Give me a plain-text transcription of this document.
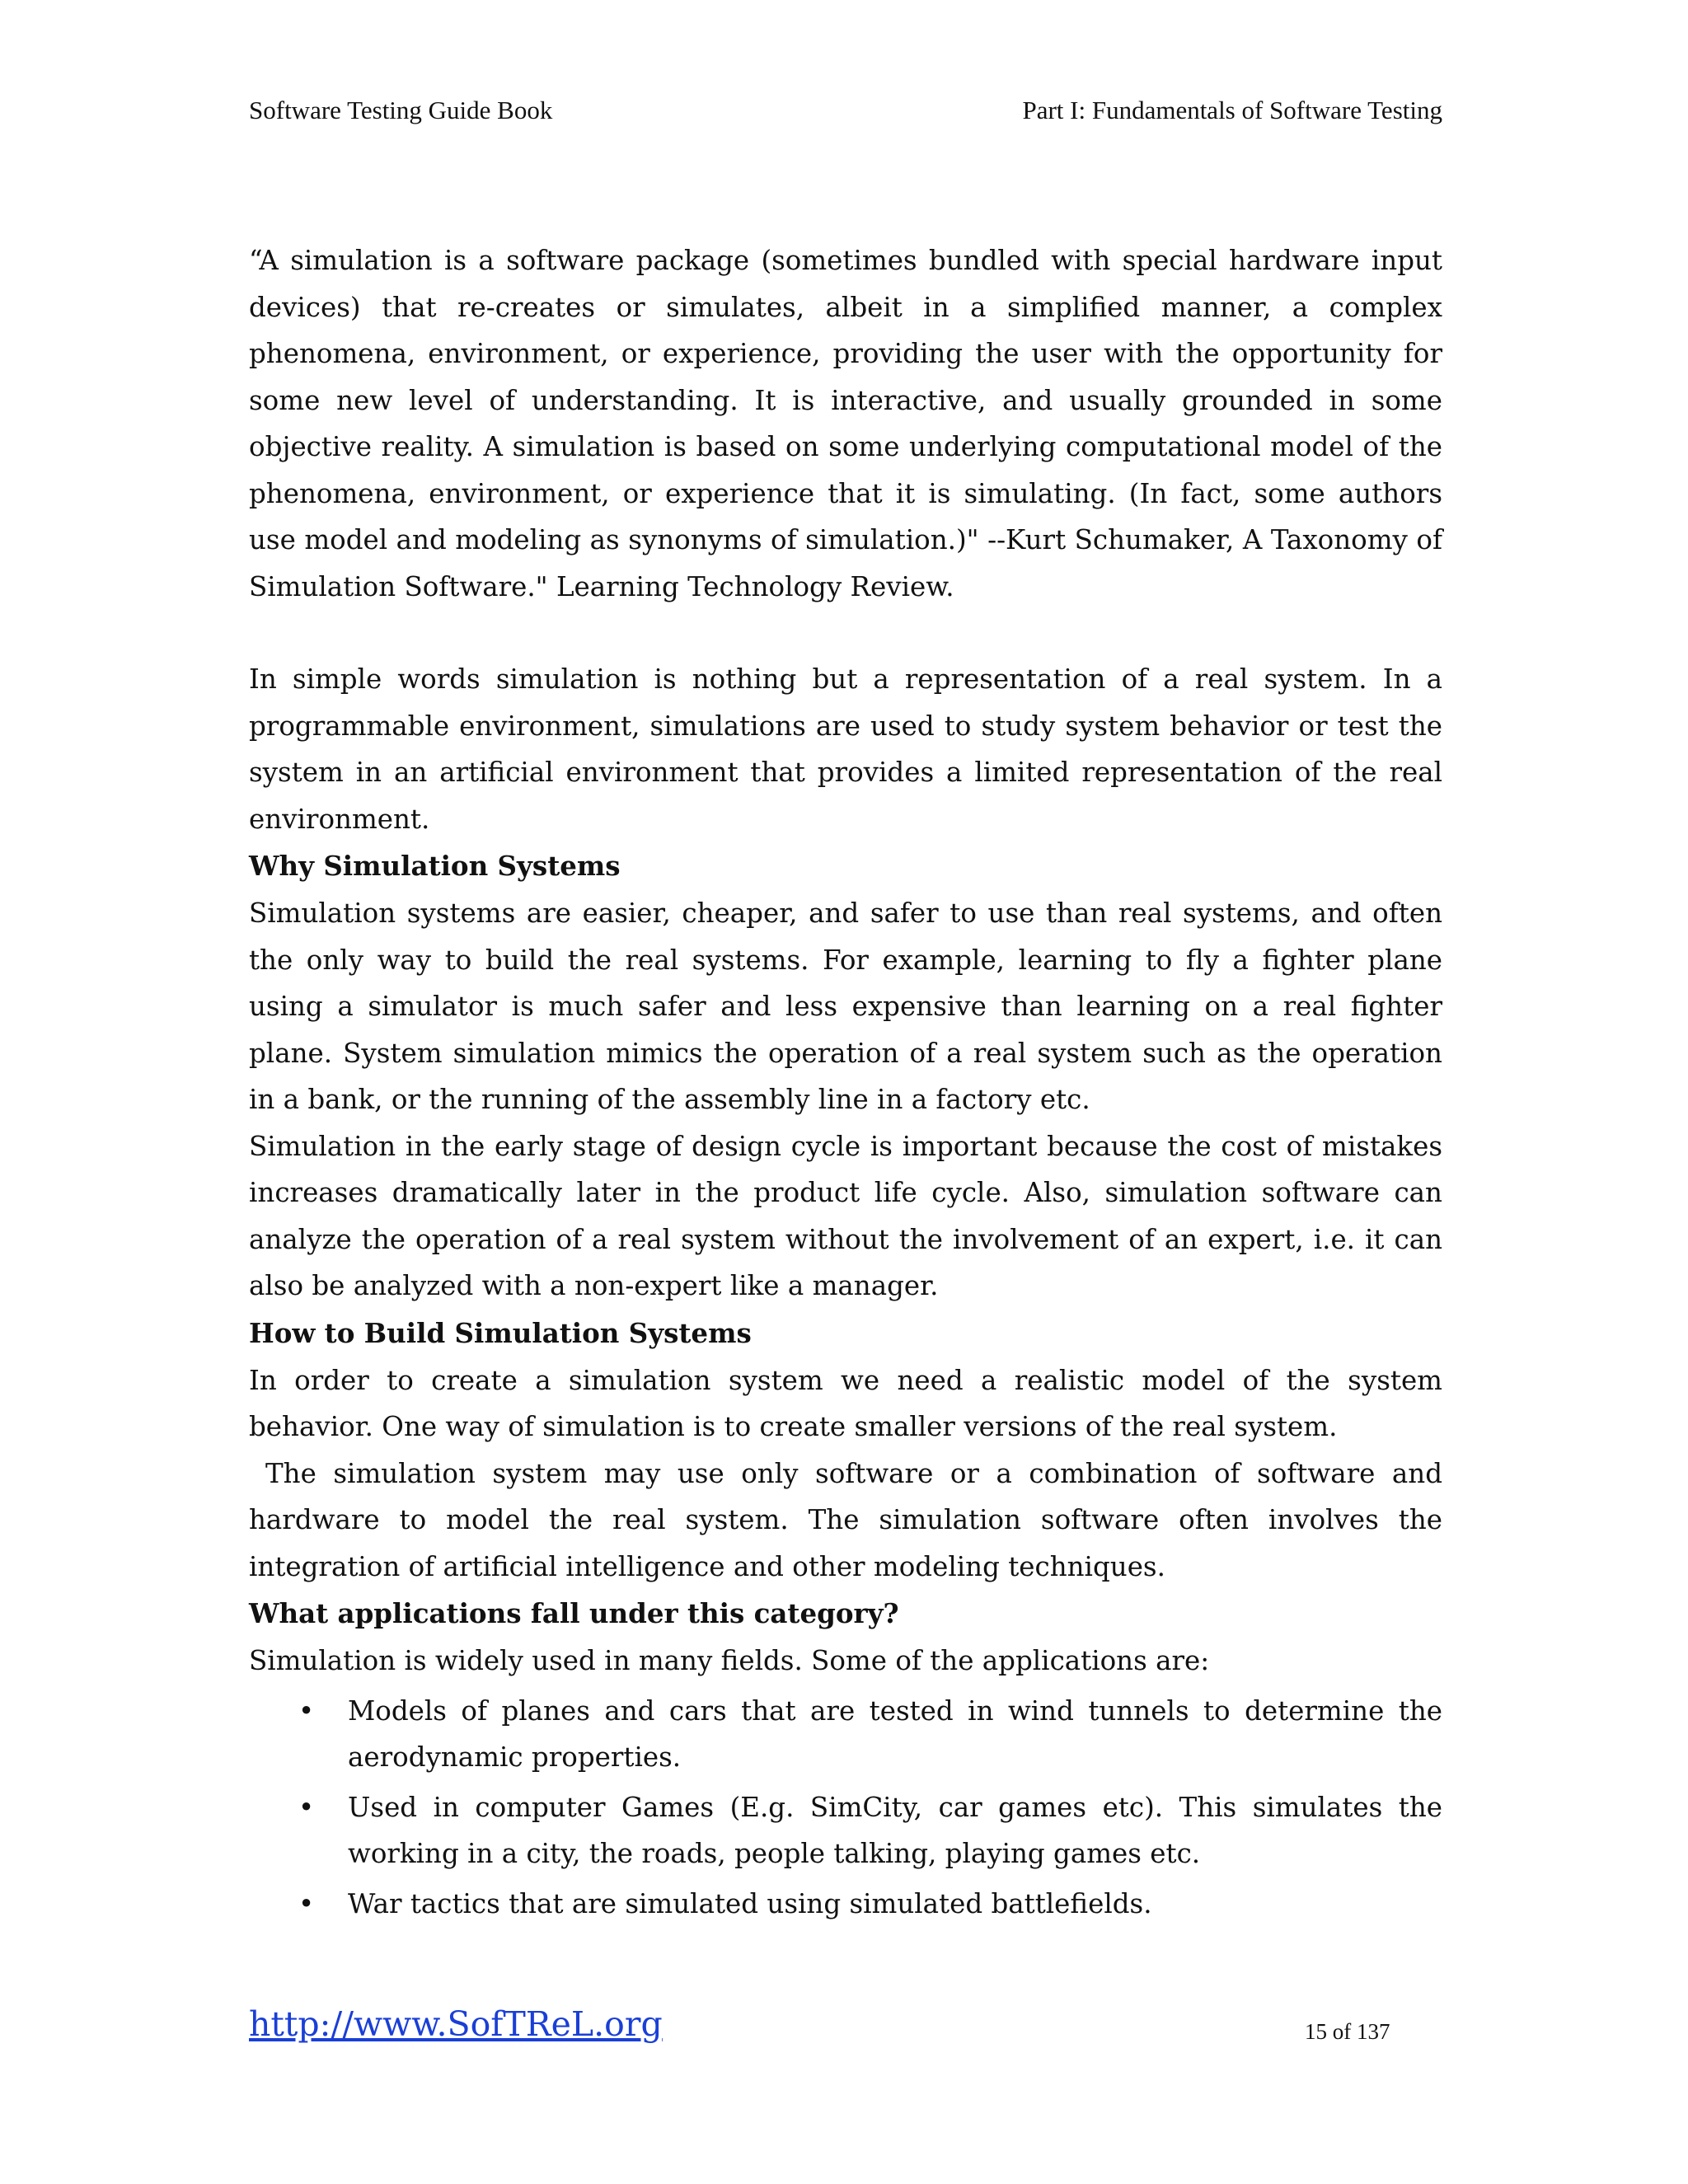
Software Testing Guide Book	Part I: Fundamentals of Software Testing

“A simulation is a software package (sometimes bundled with special hardware input devices) that re-creates or simulates, albeit in a simplified manner, a complex phenomena, environment, or experience, providing the user with the opportunity for some new level of understanding. It is interactive, and usually grounded in some objective reality. A simulation is based on some underlying computational model of the phenomena, environment, or experience that it is simulating. (In fact, some authors use model and modeling as synonyms of simulation.)" --Kurt Schumaker, A Taxonomy of Simulation Software." Learning Technology Review.

In simple words simulation is nothing but a representation of a real system. In a programmable environment, simulations are used to study system behavior or test the system in an artificial environment that provides a limited representation of the real environment.

Why Simulation Systems

Simulation systems are easier, cheaper, and safer to use than real systems, and often the only way to build the real systems. For example, learning to fly a fighter plane using a simulator is much safer and less expensive than learning on a real fighter plane. System simulation mimics the operation of a real system such as the operation in a bank, or the running of the assembly line in a factory etc.

Simulation in the early stage of design cycle is important because the cost of mistakes increases dramatically later in the product life cycle. Also, simulation software can analyze the operation of a real system without the involvement of an expert, i.e. it can also be analyzed with a non-expert like a manager.

How to Build Simulation Systems

In order to create a simulation system we need a realistic model of the system behavior. One way of simulation is to create smaller versions of the real system.

The simulation system may use only software or a combination of software and hardware to model the real system. The simulation software often involves the integration of artificial intelligence and other modeling techniques.

What applications fall under this category?

Simulation is widely used in many fields. Some of the applications are:

• Models of planes and cars that are tested in wind tunnels to determine the aerodynamic properties.
• Used in computer Games (E.g. SimCity, car games etc). This simulates the working in a city, the roads, people talking, playing games etc.
• War tactics that are simulated using simulated battlefields.
http://www.SofTReL.org	15 of 137
